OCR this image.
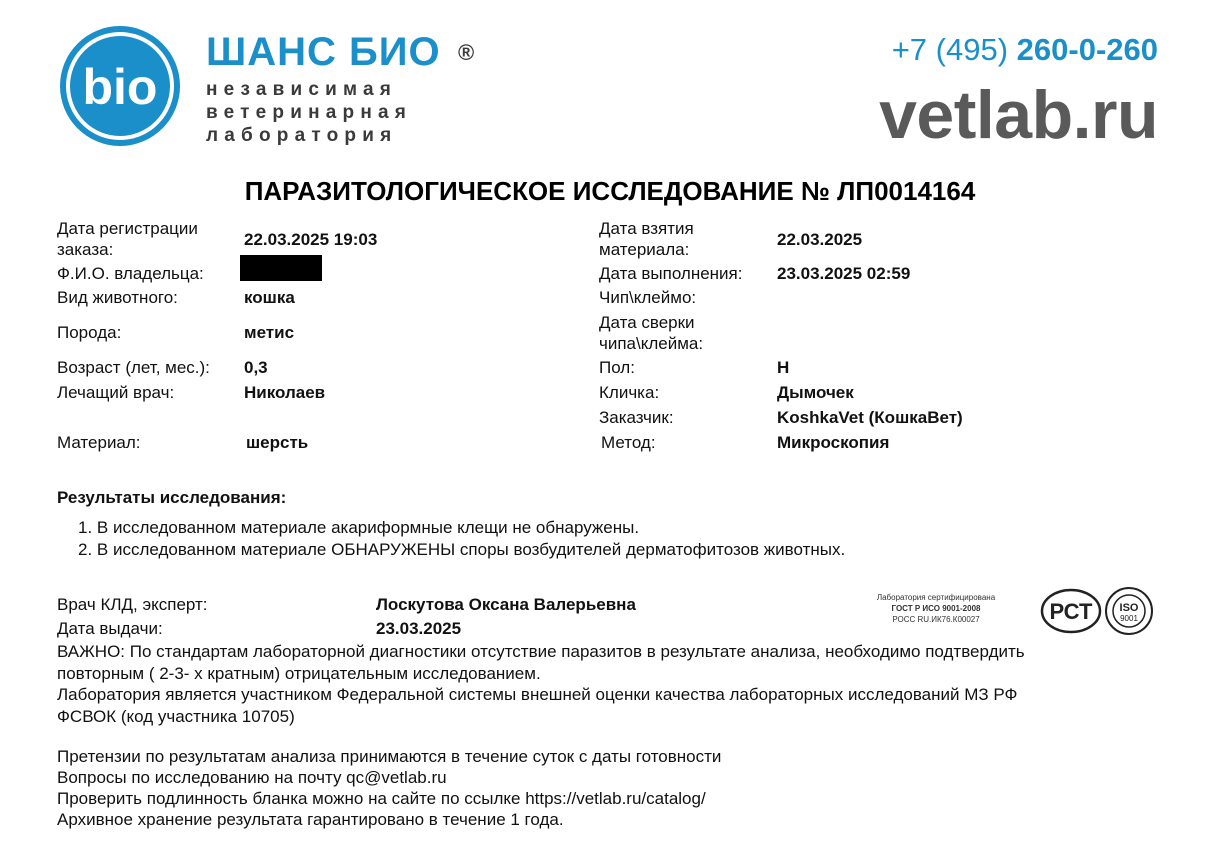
bio
ШАНС БИО ®
независимая
ветеринарная
лаборатория
+7 (495) 260-0-260
vetlab.ru
ПАРАЗИТОЛОГИЧЕСКОЕ ИССЛЕДОВАНИЕ № ЛП0014164
Дата регистрации
заказа:
22.03.2025 19:03
Ф.И.О. владельца:
Вид животного:	кошка
Порода:	метис
Возраст (лет, мес.): 0,3
Лечащий врач:	Николаев
Материал:	шерсть
Дата взятия
материала:
22.03.2025
Дата выполнения: 23.03.2025 02:59
Чип\клеймо:
Дата сверки
чипа\клейма:
Пол:	Н
Кличка:	Дымочек
Заказчик:	KoshkaVet (КошкаВет)
Метод:	Микроскопия
Результаты исследования:
1. В исследованном материале акариформные клещи не обнаружены.
2. В исследованном материале ОБНАРУЖЕНЫ споры возбудителей дерматофитозов животных.
Врач КЛД, эксперт:	Лоскутова Оксана Валерьевна
Дата выдачи:	23.03.2025
Лаборатория сертифицирована
ГОСТ Р ИСО 9001-2008
РОСС RU.ИК76.К00027	РСТ ISO
9001
ВАЖНО: По стандартам лабораторной диагностики отсутствие паразитов в результате анализа, необходимо подтвердить
повторным ( 2-3- х кратным) отрицательным исследованием.
Лаборатория является участником Федеральной системы внешней оценки качества лабораторных исследований МЗ РФ
ФСВОК (код участника 10705)
Претензии по результатам анализа принимаются в течение суток с даты готовности
Вопросы по исследованию на почту qc@vetlab.ru
Проверить подлинность бланка можно на сайте по ссылке https://vetlab.ru/catalog/
Архивное хранение результата гарантировано в течение 1 года.
